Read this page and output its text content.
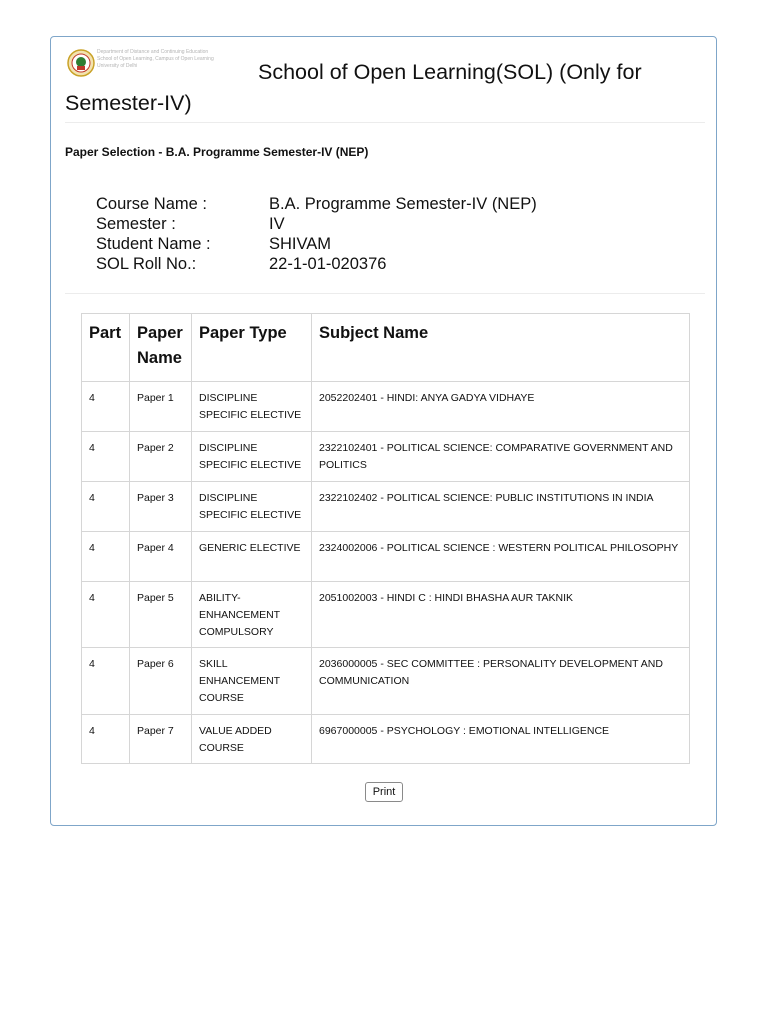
Department of Distance and Continuing Education
School of Open Learning, Campus of Open Learning
University of Delhi	School of Open Learning(SOL) (Only for Semester-IV)
Paper Selection - B.A. Programme Semester-IV (NEP)
Course Name :	B.A. Programme Semester-IV (NEP)
Semester :	IV
Student Name :	SHIVAM
SOL Roll No.:	22-1-01-020376
Part	Paper Name	Paper Type	Subject Name
4	Paper 1	DISCIPLINE SPECIFIC ELECTIVE	2052202401 - HINDI: ANYA GADYA VIDHAYE
4	Paper 2	DISCIPLINE SPECIFIC ELECTIVE	2322102401 - POLITICAL SCIENCE: COMPARATIVE GOVERNMENT AND POLITICS
4	Paper 3	DISCIPLINE SPECIFIC ELECTIVE	2322102402 - POLITICAL SCIENCE: PUBLIC INSTITUTIONS IN INDIA
4	Paper 4	GENERIC ELECTIVE	2324002006 - POLITICAL SCIENCE : WESTERN POLITICAL PHILOSOPHY
4	Paper 5	ABILITY-ENHANCEMENT COMPULSORY	2051002003 - HINDI C : HINDI BHASHA AUR TAKNIK
4	Paper 6	SKILL ENHANCEMENT COURSE	2036000005 - SEC COMMITTEE : PERSONALITY DEVELOPMENT AND COMMUNICATION
4	Paper 7	VALUE ADDED COURSE	6967000005 - PSYCHOLOGY : EMOTIONAL INTELLIGENCE
Print
